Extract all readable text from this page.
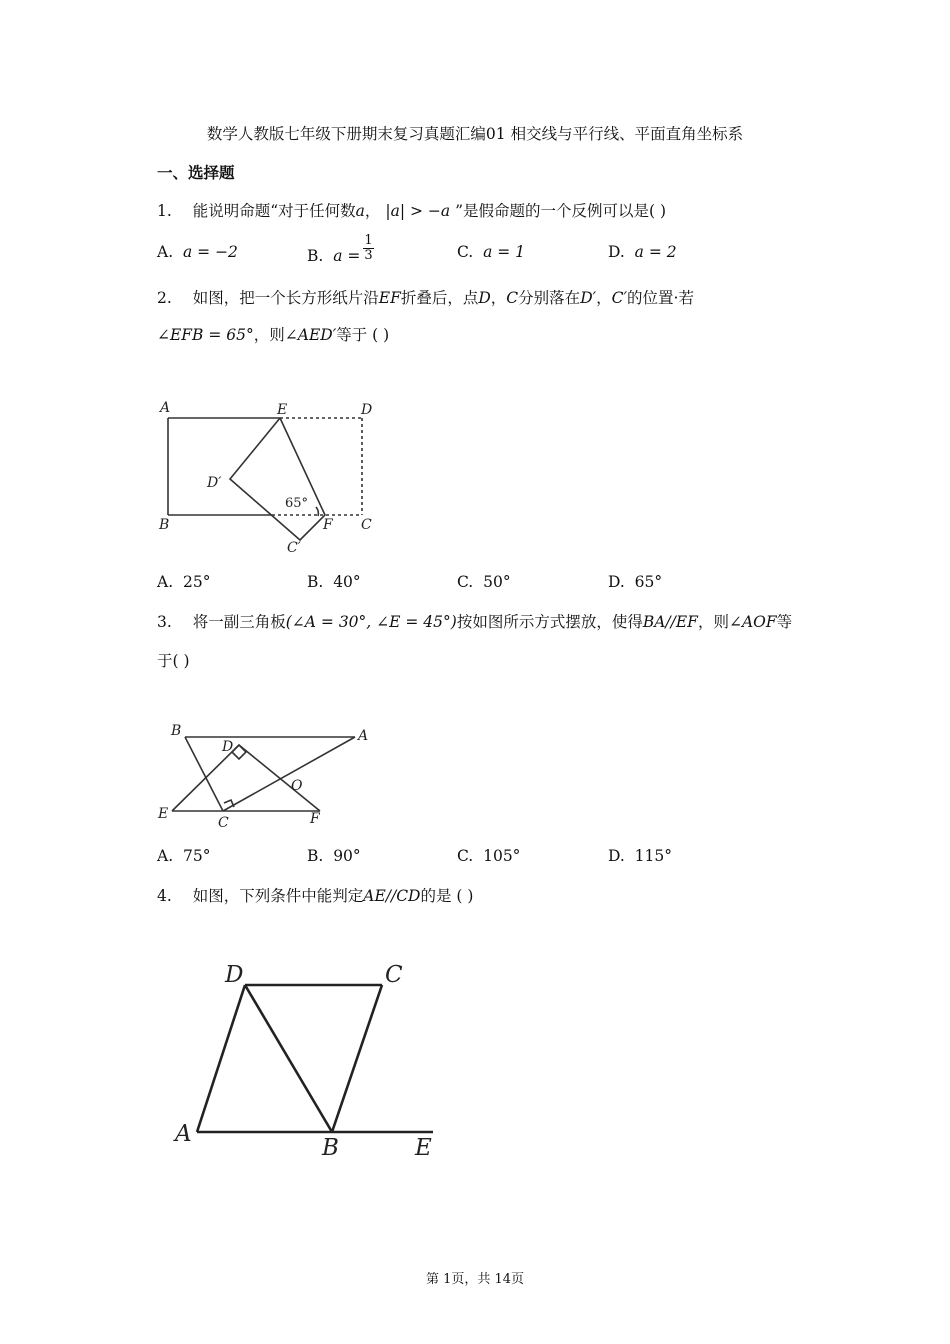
数学人教版七年级下册期末复习真题汇编01 相交线与平行线、平面直角坐标系
一、选择题
1. 能说明命题“对于任何数a， |a| > −a ”是假命题的一个反例可以是( )
A. a = −2	B. $a = \frac{1}{3}$	C. a = 1	D. a = 2
2. 如图，把一个长方形纸片沿EF折叠后，点D，C分别落在D′，C′的位置·若
∠EFB = 65°，则∠AED′等于 ( )
A	E	D
D′
B	F C
C′
65°
A. 25°	B. 40°	C. 50°	D. 65°
3. 将一副三角板(∠A = 30°, ∠E = 45°)按如图所示方式摆放，使得BA//EF，则∠AOF等
于( )
B
D
A
O
E
C	F
A. 75°	B. 90°	C. 105°	D. 115°
4. 如图，下列条件中能判定AE//CD的是 ( )
D	C
A
B	E
第 1页，共 14页
